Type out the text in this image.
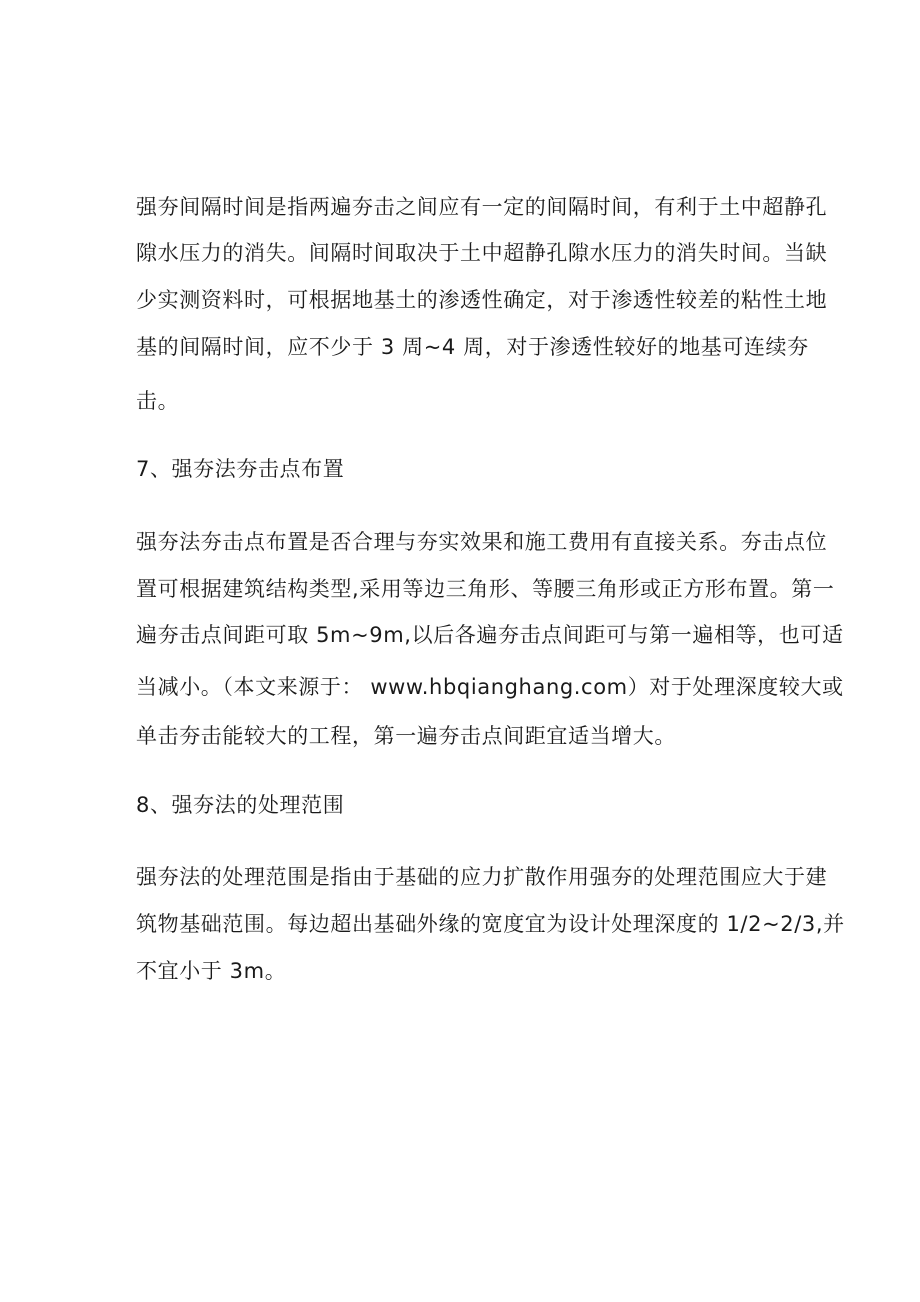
强夯间隔时间是指两遍夯击之间应有一定的间隔时间，有利于土中超静孔
隙水压力的消失。间隔时间取决于土中超静孔隙水压力的消失时间。当缺
少实测资料时，可根据地基土的渗透性确定，对于渗透性较差的粘性土地
基的间隔时间，应不少于 3 周~4 周，对于渗透性较好的地基可连续夯
击。
7、强夯法夯击点布置
强夯法夯击点布置是否合理与夯实效果和施工费用有直接关系。夯击点位
置可根据建筑结构类型,采用等边三角形、等腰三角形或正方形布置。第一
遍夯击点间距可取 5m~9m,以后各遍夯击点间距可与第一遍相等，也可适
当减小。（本文来源于： www.hbqianghang.com）对于处理深度较大或
单击夯击能较大的工程，第一遍夯击点间距宜适当增大。
8、强夯法的处理范围
强夯法的处理范围是指由于基础的应力扩散作用强夯的处理范围应大于建
筑物基础范围。每边超出基础外缘的宽度宜为设计处理深度的 1/2~2/3,并
不宜小于 3m。
